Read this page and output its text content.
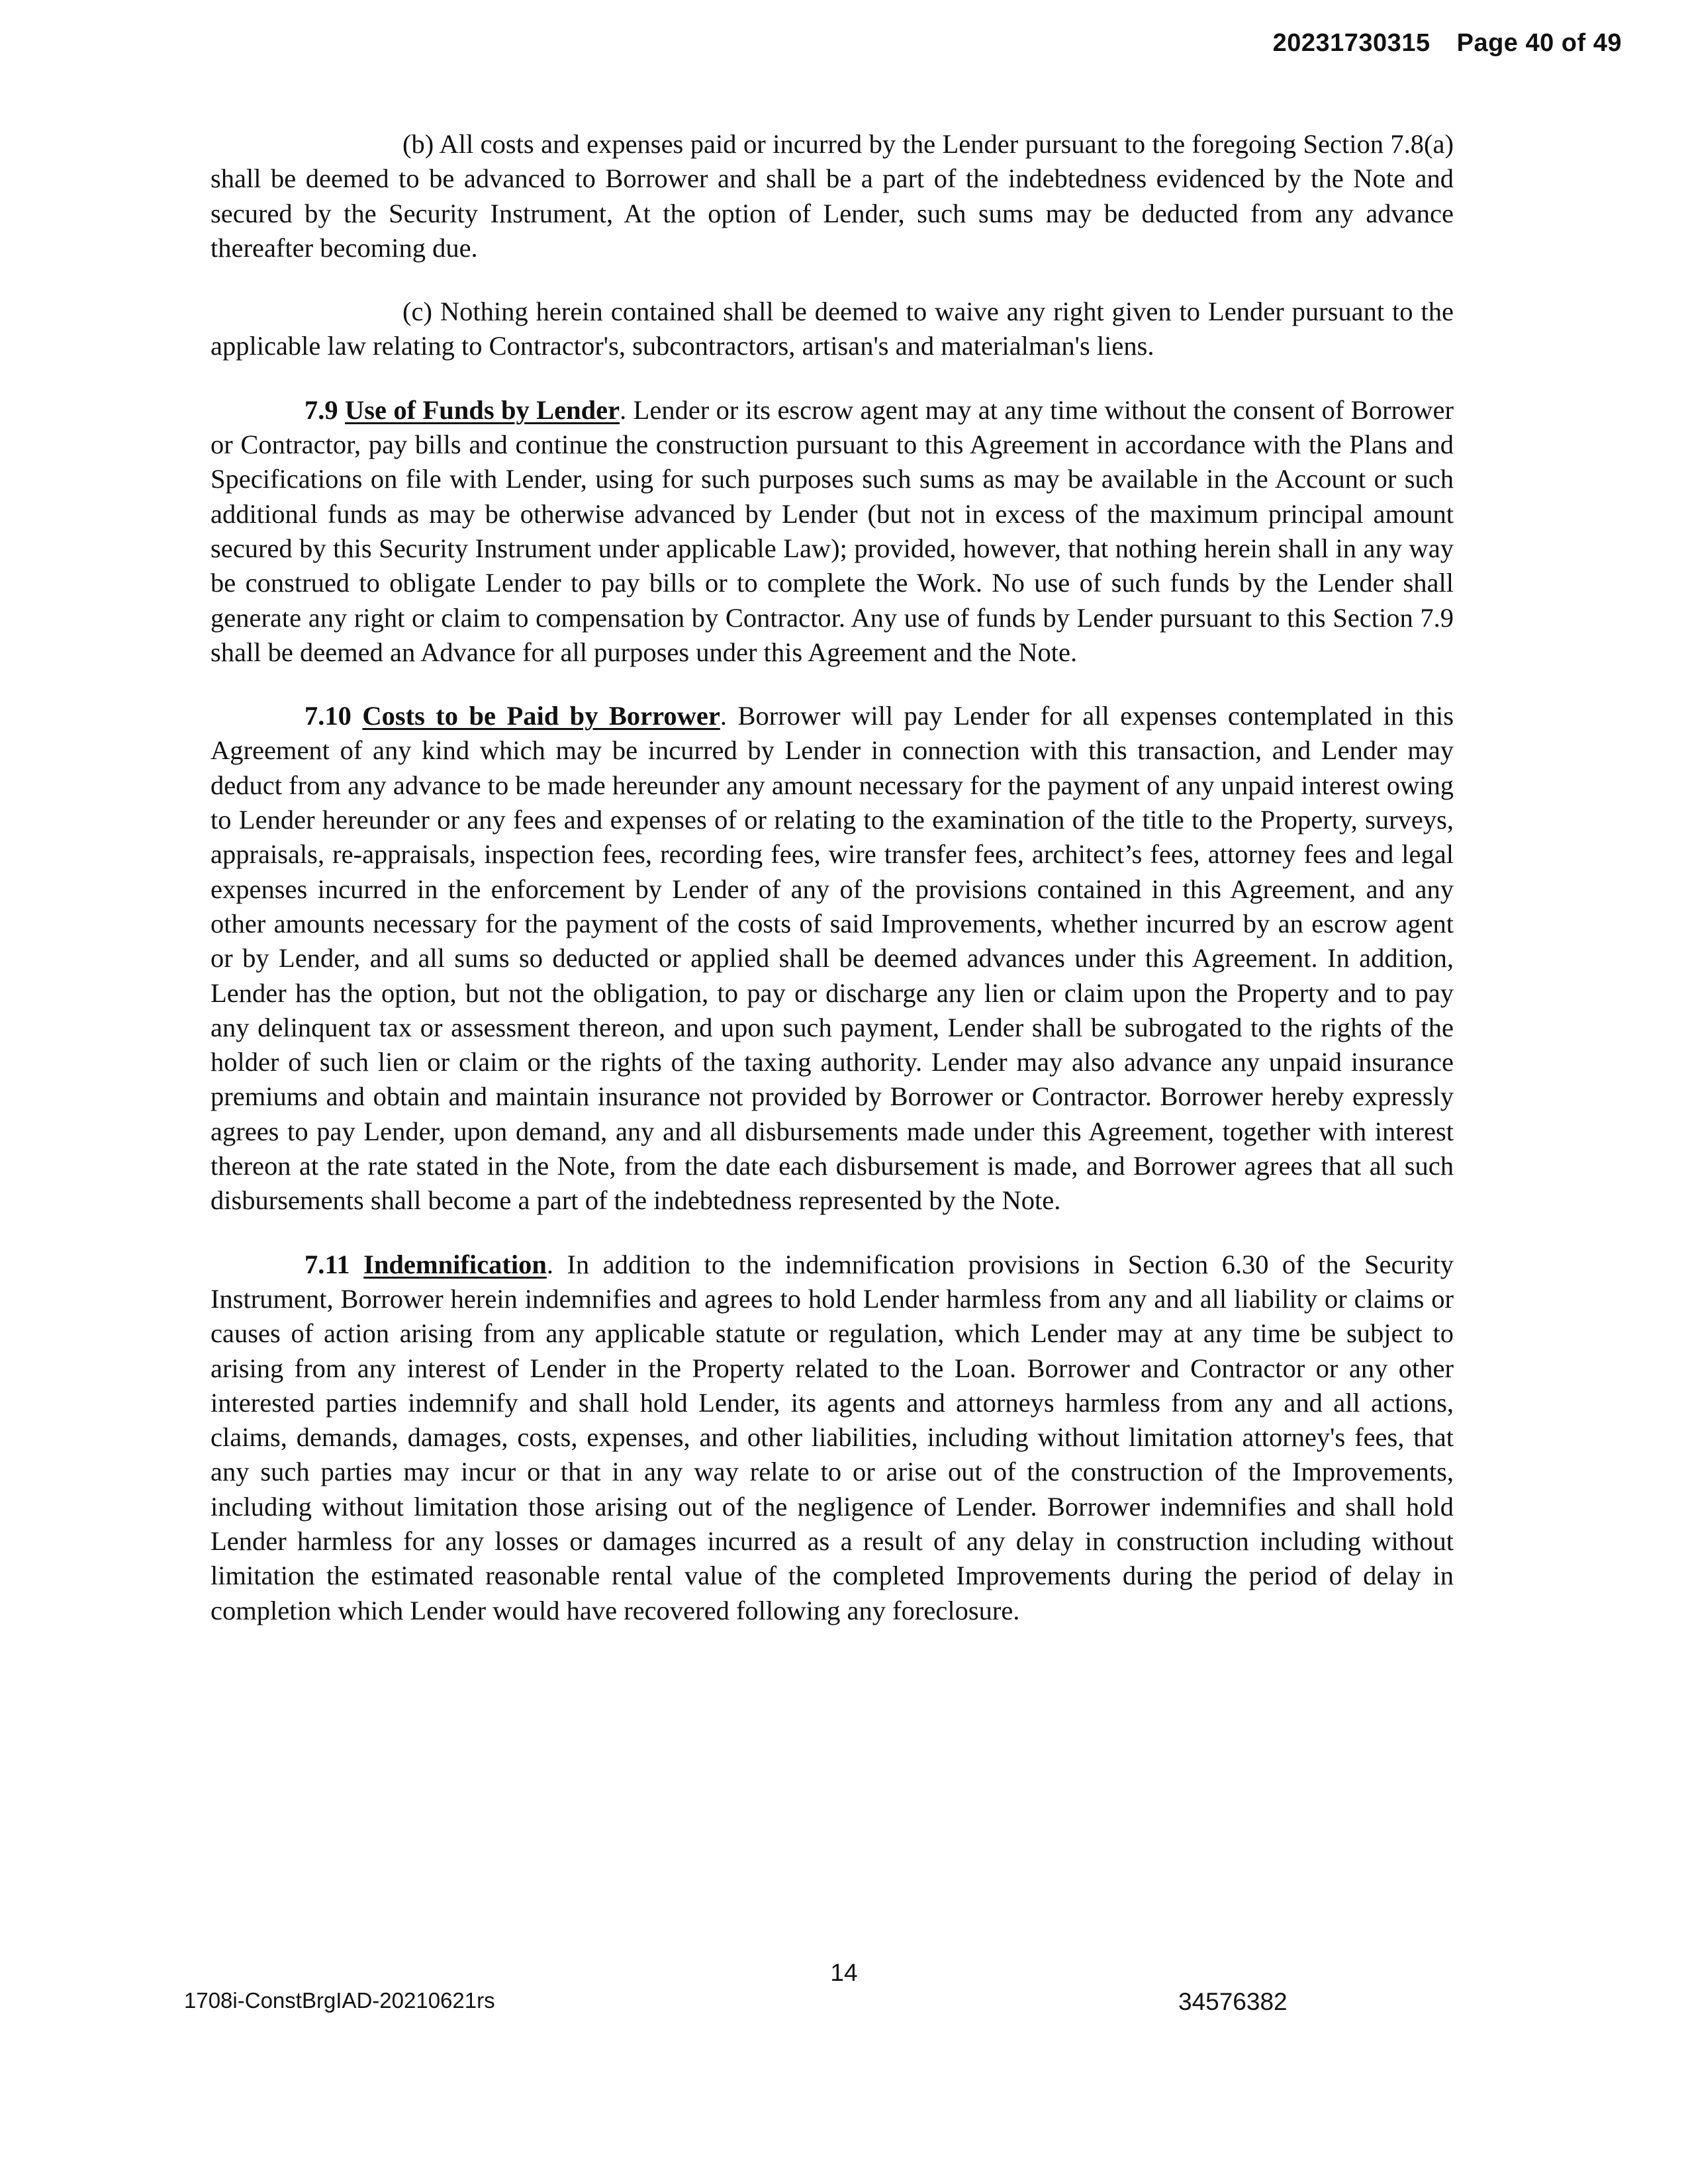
20231730315 Page 40 of 49

(b) All costs and expenses paid or incurred by the Lender pursuant to the foregoing Section 7.8(a) shall be deemed to be advanced to Borrower and shall be a part of the indebtedness evidenced by the Note and secured by the Security Instrument, At the option of Lender, such sums may be deducted from any advance thereafter becoming due.

(c) Nothing herein contained shall be deemed to waive any right given to Lender pursuant to the applicable law relating to Contractor's, subcontractors, artisan's and materialman's liens.

7.9 Use of Funds by Lender. Lender or its escrow agent may at any time without the consent of Borrower or Contractor, pay bills and continue the construction pursuant to this Agreement in accordance with the Plans and Specifications on file with Lender, using for such purposes such sums as may be available in the Account or such additional funds as may be otherwise advanced by Lender (but not in excess of the maximum principal amount secured by this Security Instrument under applicable Law); provided, however, that nothing herein shall in any way be construed to obligate Lender to pay bills or to complete the Work. No use of such funds by the Lender shall generate any right or claim to compensation by Contractor. Any use of funds by Lender pursuant to this Section 7.9 shall be deemed an Advance for all purposes under this Agreement and the Note.

7.10 Costs to be Paid by Borrower. Borrower will pay Lender for all expenses contemplated in this Agreement of any kind which may be incurred by Lender in connection with this transaction, and Lender may deduct from any advance to be made hereunder any amount necessary for the payment of any unpaid interest owing to Lender hereunder or any fees and expenses of or relating to the examination of the title to the Property, surveys, appraisals, re-appraisals, inspection fees, recording fees, wire transfer fees, architect’s fees, attorney fees and legal expenses incurred in the enforcement by Lender of any of the provisions contained in this Agreement, and any other amounts necessary for the payment of the costs of said Improvements, whether incurred by an escrow agent or by Lender, and all sums so deducted or applied shall be deemed advances under this Agreement. In addition, Lender has the option, but not the obligation, to pay or discharge any lien or claim upon the Property and to pay any delinquent tax or assessment thereon, and upon such payment, Lender shall be subrogated to the rights of the holder of such lien or claim or the rights of the taxing authority. Lender may also advance any unpaid insurance premiums and obtain and maintain insurance not provided by Borrower or Contractor. Borrower hereby expressly agrees to pay Lender, upon demand, any and all disbursements made under this Agreement, together with interest thereon at the rate stated in the Note, from the date each disbursement is made, and Borrower agrees that all such disbursements shall become a part of the indebtedness represented by the Note.

7.11 Indemnification. In addition to the indemnification provisions in Section 6.30 of the Security Instrument, Borrower herein indemnifies and agrees to hold Lender harmless from any and all liability or claims or causes of action arising from any applicable statute or regulation, which Lender may at any time be subject to arising from any interest of Lender in the Property related to the Loan. Borrower and Contractor or any other interested parties indemnify and shall hold Lender, its agents and attorneys harmless from any and all actions, claims, demands, damages, costs, expenses, and other liabilities, including without limitation attorney's fees, that any such parties may incur or that in any way relate to or arise out of the construction of the Improvements, including without limitation those arising out of the negligence of Lender. Borrower indemnifies and shall hold Lender harmless for any losses or damages incurred as a result of any delay in construction including without limitation the estimated reasonable rental value of the completed Improvements during the period of delay in completion which Lender would have recovered following any foreclosure.

14
1708i-ConstBrgIAD-20210621rs	34576382
